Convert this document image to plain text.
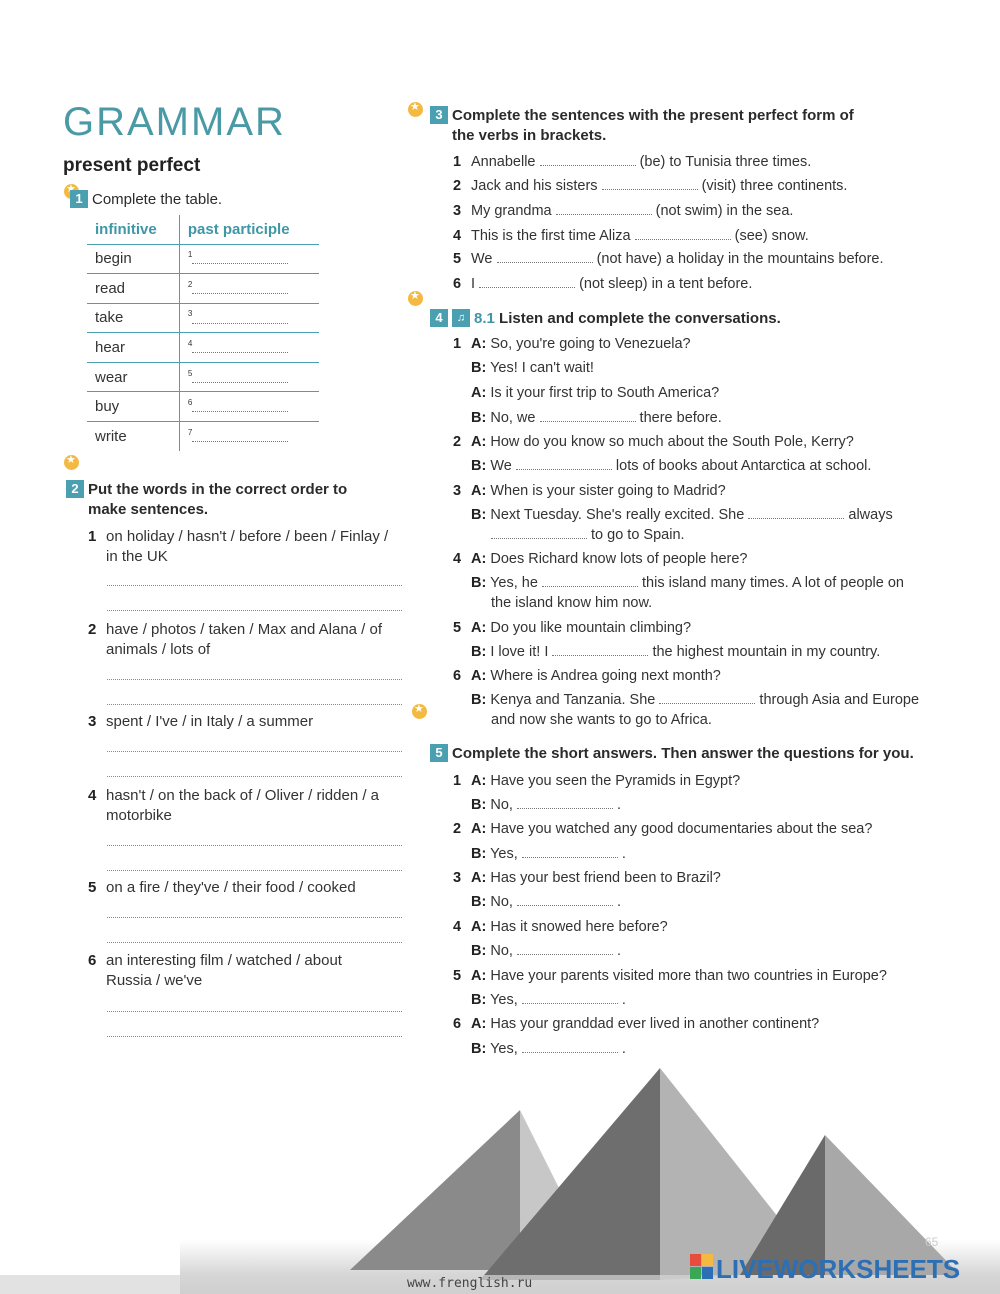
GRAMMAR
present perfect
★
1 Complete the table.
infinitive	past participle
begin	$^1$
read	$^2$
take	$^3$
hear	$^4$
wear	$^5$
buy	$^6$
write	$^7$
★
2 Put the words in the correct order to
make sentences.
1 on holiday / hasn't / before / been / Finlay / in the UK
2 have / photos / taken / Max and Alana / of animals / lots of
3 spent / I've / in Italy / a summer
4 hasn't / on the back of / Oliver / ridden / a motorbike
5 on a fire / they've / their food / cooked
6 an interesting film / watched / about Russia / we've
★
3 Complete the sentences with the present perfect form of
the verbs in brackets.
1 Annabelle	(be) to Tunisia three times.
2 Jack and his sisters	(visit) three continents.
3 My grandma	(not swim) in the sea.
4 This is the first time Aliza	(see) snow.
5 We	(not have) a holiday in the mountains before.
6 I	(not sleep) in a tent before.
★
4 ♫ 8.1 Listen and complete the conversations.
1 A: So, you're going to Venezuela?
B: Yes! I can't wait!
A: Is it your first trip to South America?
B: No, we	there before.
2 A: How do you know so much about the South Pole, Kerry?
B: We	lots of books about Antarctica at school.
3 A: When is your sister going to Madrid?
B: Next Tuesday. She's really excited. She	always
to go to Spain.
4 A: Does Richard know lots of people here?
B: Yes, he	this island many times. A lot of people on
the island know him now.
5 A: Do you like mountain climbing?
B: I love it! I	the highest mountain in my country.
6 A: Where is Andrea going next month?
B: Kenya and Tanzania. She	through Asia and Europe
and now she wants to go to Africa.
★
5 Complete the short answers. Then answer the questions for you.
1 A: Have you seen the Pyramids in Egypt?
B: No,	.
2 A: Have you watched any good documentaries about the sea?
B: Yes,	.
3 A: Has your best friend been to Brazil?
B: No,	.
4 A: Has it snowed here before?
B: No,	.
5 A: Have your parents visited more than two countries in Europe?
B: Yes,	.
6 A: Has your granddad ever lived in another continent?
B: Yes,	.
65
LIVEWORKSHEETS
www.frenglish.ru
